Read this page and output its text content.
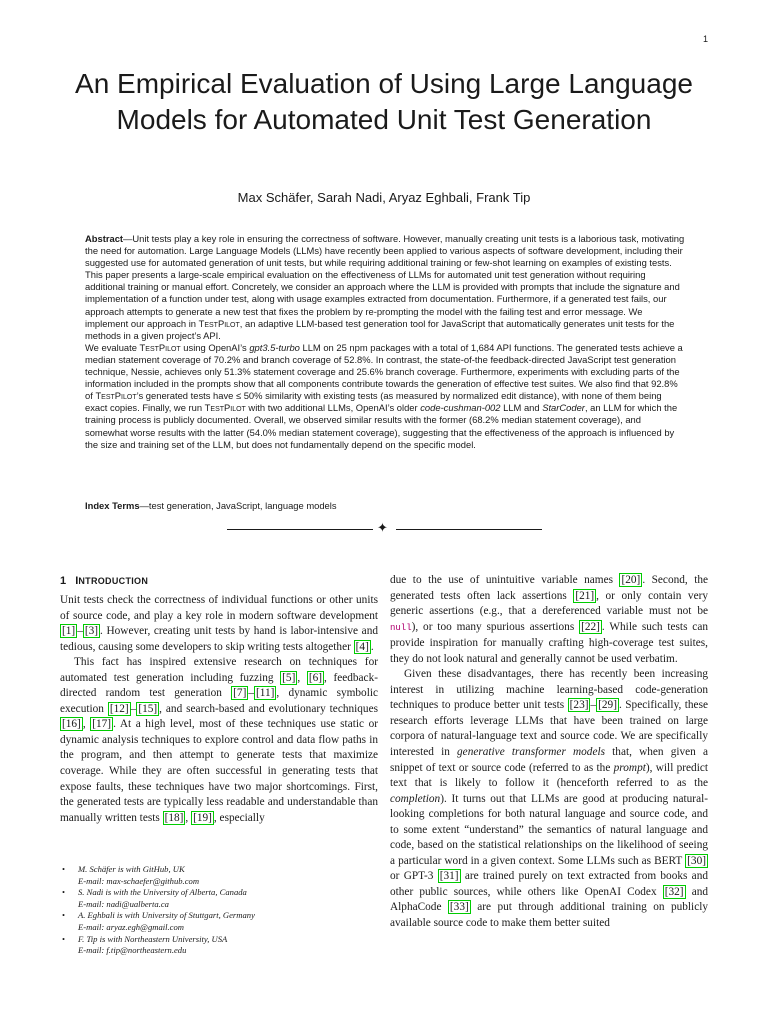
1
An Empirical Evaluation of Using Large Language Models for Automated Unit Test Generation
Max Schäfer, Sarah Nadi, Aryaz Eghbali, Frank Tip

Abstract—Unit tests play a key role in ensuring the correctness of software. However, manually creating unit tests is a laborious task, motivating the need for automation. Large Language Models (LLMs) have recently been applied to various aspects of software development, including their suggested use for automated generation of unit tests, but while requiring additional training or few-shot learning on examples of existing tests. This paper presents a large-scale empirical evaluation on the effectiveness of LLMs for automated unit test generation without requiring additional training or manual effort. Concretely, we consider an approach where the LLM is provided with prompts that include the signature and implementation of a function under test, along with usage examples extracted from documentation. Furthermore, if a generated test fails, our approach attempts to generate a new test that fixes the problem by re-prompting the model with the failing test and error message. We implement our approach in TestPilot, an adaptive LLM-based test generation tool for JavaScript that automatically generates unit tests for the methods in a given project’s API.

We evaluate TestPilot using OpenAI’s gpt3.5-turbo LLM on 25 npm packages with a total of 1,684 API functions. The generated tests achieve a median statement coverage of 70.2% and branch coverage of 52.8%. In contrast, the state-of-the feedback-directed JavaScript test generation technique, Nessie, achieves only 51.3% statement coverage and 25.6% branch coverage. Furthermore, experiments with excluding parts of the information included in the prompts show that all components contribute towards the generation of effective test suites. We also find that 92.8% of TestPilot’s generated tests have ≤ 50% similarity with existing tests (as measured by normalized edit distance), with none of them being exact copies. Finally, we run TestPilot with two additional LLMs, OpenAI’s older code-cushman-002 LLM and StarCoder, an LLM for which the training process is publicly documented. Overall, we observed similar results with the former (68.2% median statement coverage), and somewhat worse results with the latter (54.0% median statement coverage), suggesting that the effectiveness of the approach is influenced by the size and training set of the LLM, but does not fundamentally depend on the specific model.

Index Terms—test generation, JavaScript, language models
✦
1 INTRODUCTION

Unit tests check the correctness of individual functions or other units of source code, and play a key role in modern software development [1] – [3] . However, creating unit tests by hand is labor-intensive and tedious, causing some developers to skip writing tests altogether [4] .

This fact has inspired extensive research on techniques for automated test generation including fuzzing [5] , [6] , feedback-directed random test generation [7] – [11] , dynamic symbolic execution [12] – [15] , and search-based and evolutionary techniques [16] , [17] . At a high level, most of these techniques use static or dynamic analysis techniques to explore control and data flow paths in the program, and then attempt to generate tests that maximize coverage. While they are often successful in generating tests that expose faults, these techniques have two major shortcomings. First, the generated tests are typically less readable and understandable than manually written tests [18] , [19] , especially

• M. Schäfer is with GitHub, UK
E-mail: max-schaefer@github.com
• S. Nadi is with the University of Alberta, Canada
E-mail: nadi@ualberta.ca
• A. Eghbali is with University of Stuttgart, Germany
E-mail: aryaz.egh@gmail.com
• F. Tip is with Northeastern University, USA
E-mail: f.tip@northeastern.edu

due to the use of unintuitive variable names [20] . Second, the generated tests often lack assertions [21] , or only contain very generic assertions (e.g., that a dereferenced variable must not be null), or too many spurious assertions [22] . While such tests can provide inspiration for manually crafting high-coverage test suites, they do not look natural and generally cannot be used verbatim.

Given these disadvantages, there has recently been increasing interest in utilizing machine learning-based code-generation techniques to produce better unit tests [23] – [29] . Specifically, these research efforts leverage LLMs that have been trained on large corpora of natural-language text and source code. We are specifically interested in generative transformer models that, when given a snippet of text or source code (referred to as the prompt), will predict text that is likely to follow it (henceforth referred to as the completion). It turns out that LLMs are good at producing natural-looking completions for both natural language and source code, and to some extent “understand” the semantics of natural language and code, based on the statistical relationships on the likelihood of seeing a particular word in a given context. Some LLMs such as BERT [30] or GPT-3 [31] are trained purely on text extracted from books and other public sources, while others like OpenAI Codex [32] and AlphaCode [33] are put through additional training on publicly available source code to make them better suited
